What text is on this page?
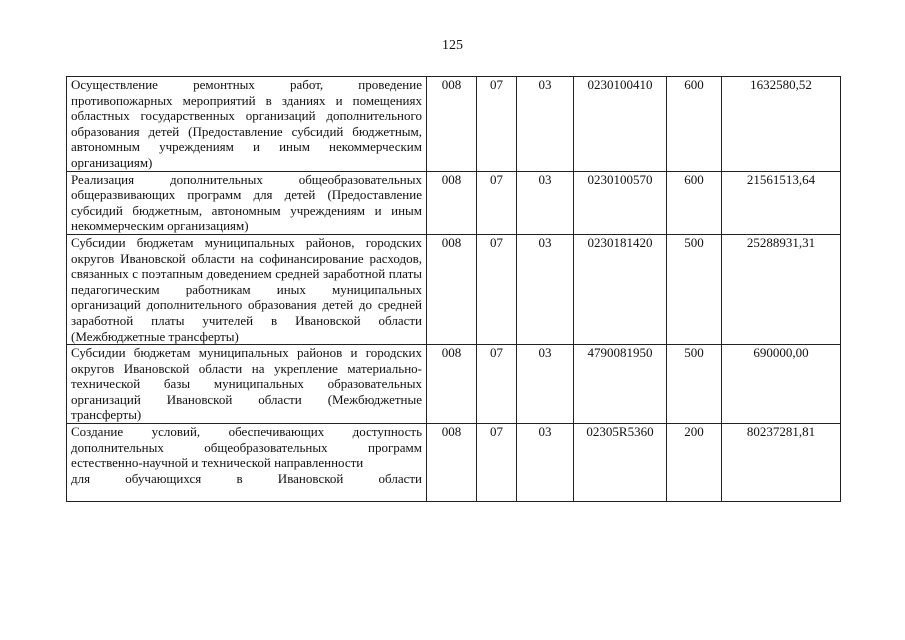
125
Осуществление ремонтных работ, проведение противопожарных мероприятий в зданиях и помещениях областных государственных организаций дополнительного образования детей (Предоставление субсидий бюджетным, автономным учреждениям и иным некоммерческим организациям)	008	07	03	0230100410	600	1632580,52

Реализация дополнительных общеобразовательных общеразвивающих программ для детей (Предоставление субсидий бюджетным, автономным учреждениям и иным некоммерческим организациям)	008	07	03	0230100570	600	21561513,64

Субсидии бюджетам муниципальных районов, городских округов Ивановской области на софинансирование расходов, связанных с поэтапным доведением средней заработной платы педагогическим работникам иных муниципальных организаций дополнительного образования детей до средней заработной платы учителей в Ивановской области (Межбюджетные трансферты)	008	07	03	0230181420	500	25288931,31

Субсидии бюджетам муниципальных районов и городских округов Ивановской области на укрепление материально-технической базы муниципальных образовательных организаций Ивановской области (Межбюджетные трансферты)	008	07	03	4790081950	500	690000,00

Создание условий, обеспечивающих доступность дополнительных общеобразовательных программ естественно-научной и технической направленности
для обучающихся в Ивановской области	008	07	03	02305R5360	200	80237281,81
